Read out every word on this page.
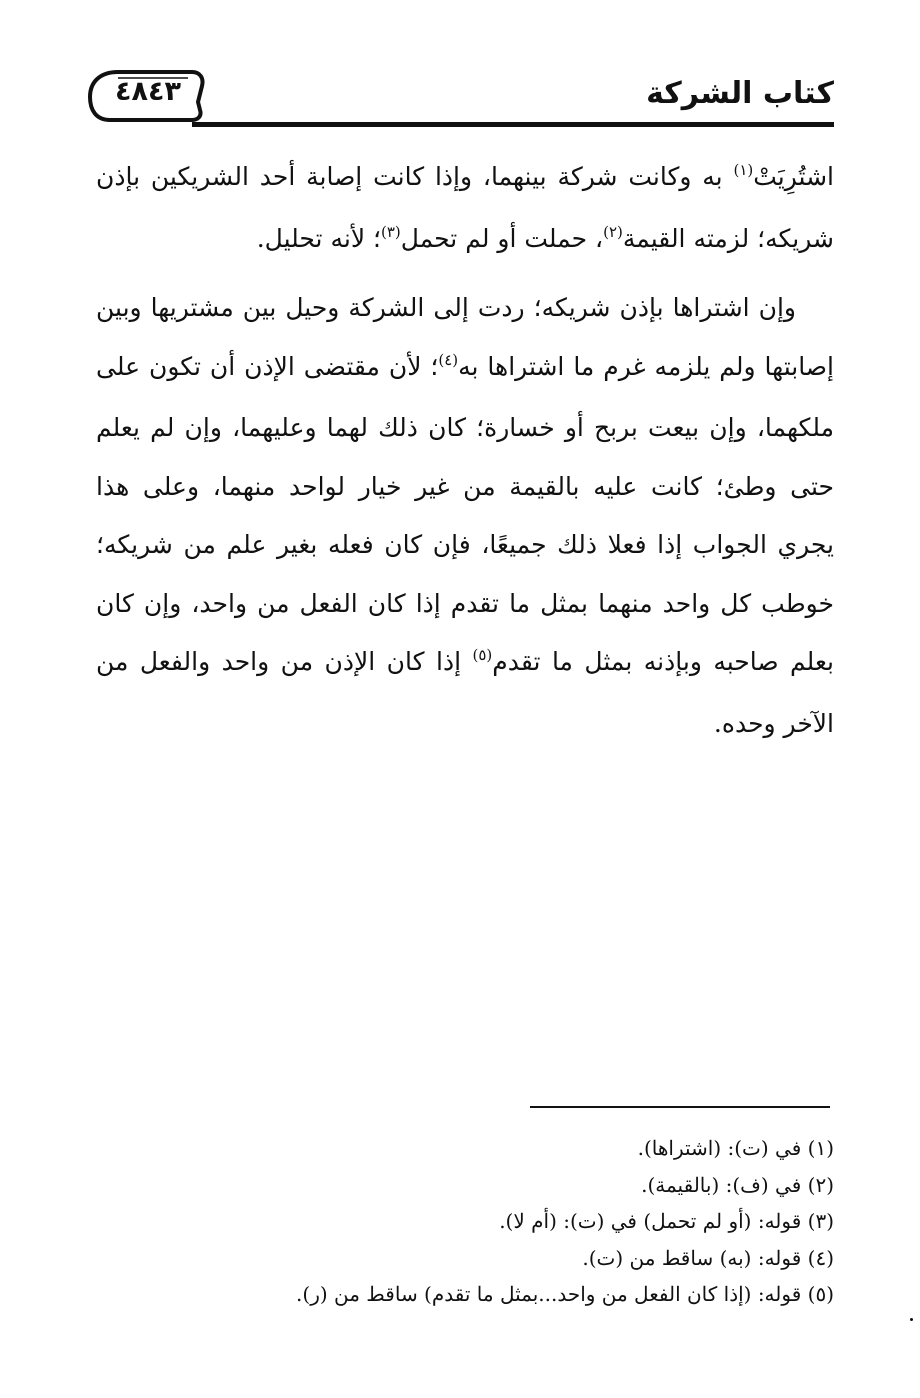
٤٨٤٣	كتاب الشركة

اشتُرِيَتْ$^{(١)}$ به وكانت شركة بينهما، وإذا كانت إصابة أحد الشريكين بإذن شريكه؛ لزمته القيمة$^{(٢)}$، حملت أو لم تحمل$^{(٣)}$؛ لأنه تحليل.

وإن اشتراها بإذن شريكه؛ ردت إلى الشركة وحيل بين مشتريها وبين إصابتها ولم يلزمه غرم ما اشتراها به$^{(٤)}$؛ لأن مقتضى الإذن أن تكون على ملكهما، وإن بيعت بربح أو خسارة؛ كان ذلك لهما وعليهما، وإن لم يعلم حتى وطئ؛ كانت عليه بالقيمة من غير خيار لواحد منهما، وعلى هذا يجري الجواب إذا فعلا ذلك جميعًا، فإن كان فعله بغير علم من شريكه؛ خوطب كل واحد منهما بمثل ما تقدم إذا كان الفعل من واحد، وإن كان بعلم صاحبه وبإذنه بمثل ما تقدم$^{(٥)}$ إذا كان الإذن من واحد والفعل من الآخر وحده.

(١) في (ت): (اشتراها).

(٢) في (ف): (بالقيمة).

(٣) قوله: (أو لم تحمل) في (ت): (أم لا).

(٤) قوله: (به) ساقط من (ت).

(٥) قوله: (إذا كان الفعل من واحد...بمثل ما تقدم) ساقط من (ر).
